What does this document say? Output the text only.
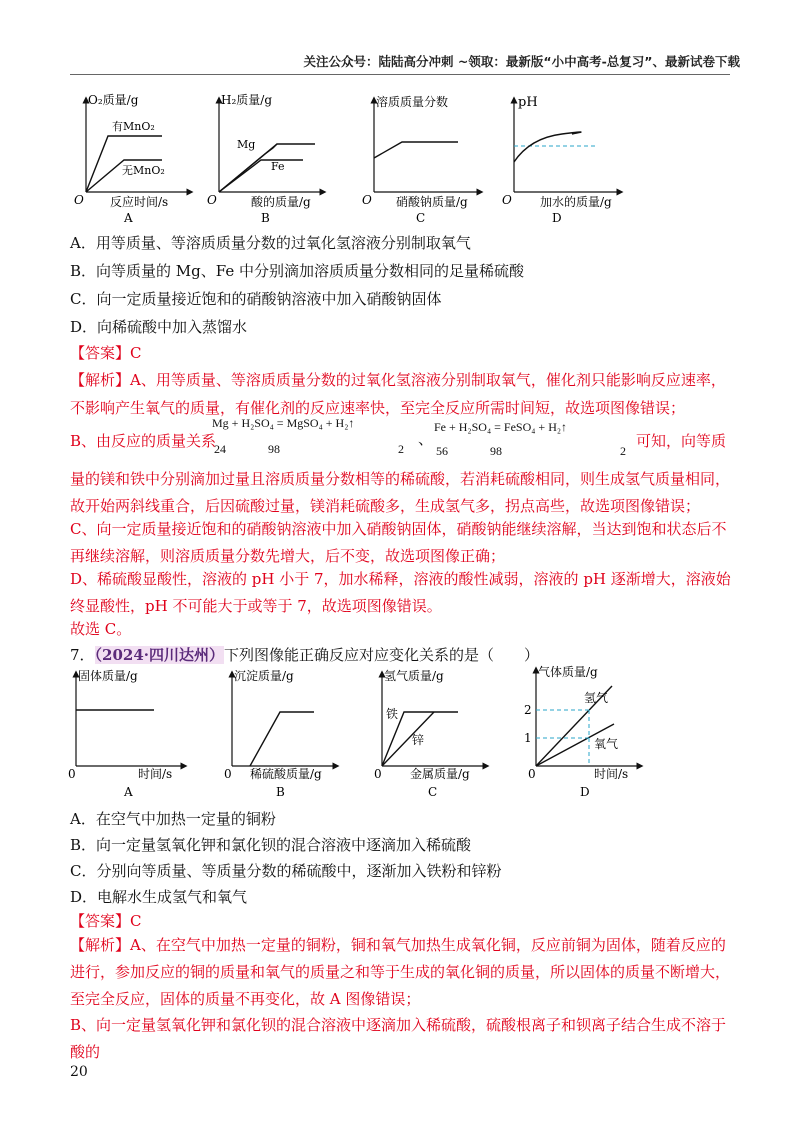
关注公众号：陆陆高分冲刺 ~领取：最新版“小中高考-总复习”、最新试卷下载
O₂质量/g
有MnO₂
无MnO₂
O 反应时间/s
A
H₂质量/g
Mg
Fe
O	酸的质量/g
B
溶质质量分数
O 硝酸钠质量/g
C
pH
O 加水的质量/g
D
A．用等质量、等溶质质量分数的过氧化氢溶液分别制取氧气
B．向等质量的 Mg、Fe 中分别滴加溶质质量分数相同的足量稀硫酸
C．向一定质量接近饱和的硝酸钠溶液中加入硝酸钠固体
D．向稀硫酸中加入蒸馏水
【答案】C
【解析】A、用等质量、等溶质质量分数的过氧化氢溶液分别制取氧气，催化剂只能影响反应速率，不影响产生氧气的质量，有催化剂的反应速率快，至完全反应所需时间短，故选项图像错误；
B、由反应的质量关系
Mg + H₂SO₄ = MgSO₄ + H₂↑
24	98	2
、
Fe + H₂SO₄ = FeSO₄ + H₂↑
56	98	2
可知，向等质
量的镁和铁中分别滴加过量且溶质质量分数相等的稀硫酸，若消耗硫酸相同，则生成氢气质量相同，故开始两斜线重合，后因硫酸过量，镁消耗硫酸多，生成氢气多，拐点高些，故选项图像错误；
C、向一定质量接近饱和的硝酸钠溶液中加入硝酸钠固体，硝酸钠能继续溶解，当达到饱和状态后不再继续溶解，则溶质质量分数先增大，后不变，故选项图像正确；
D、稀硫酸显酸性，溶液的 pH 小于 7，加水稀释，溶液的酸性减弱，溶液的 pH 逐渐增大，溶液始终显酸性，pH 不可能大于或等于 7，故选项图像错误。
故选 C。
7．（2024·四川达州）下列图像能正确反应对应变化关系的是（　　）
固体质量/g
0	时间/s
A
沉淀质量/g
0 稀硫酸质量/g
B
氢气质量/g
铁
锌
0 金属质量/g
C
气体质量/g
2
1
氢气
氧气
0	时间/s
D
A．在空气中加热一定量的铜粉
B．向一定量氢氧化钾和氯化钡的混合溶液中逐滴加入稀硫酸
C．分别向等质量、等质量分数的稀硫酸中，逐渐加入铁粉和锌粉
D．电解水生成氢气和氧气
【答案】C
【解析】A、在空气中加热一定量的铜粉，铜和氧气加热生成氧化铜，反应前铜为固体，随着反应的进行，参加反应的铜的质量和氧气的质量之和等于生成的氧化铜的质量，所以固体的质量不断增大，至完全反应，固体的质量不再变化，故 A 图像错误；
B、向一定量氢氧化钾和氯化钡的混合溶液中逐滴加入稀硫酸，硫酸根离子和钡离子结合生成不溶于酸的
20
